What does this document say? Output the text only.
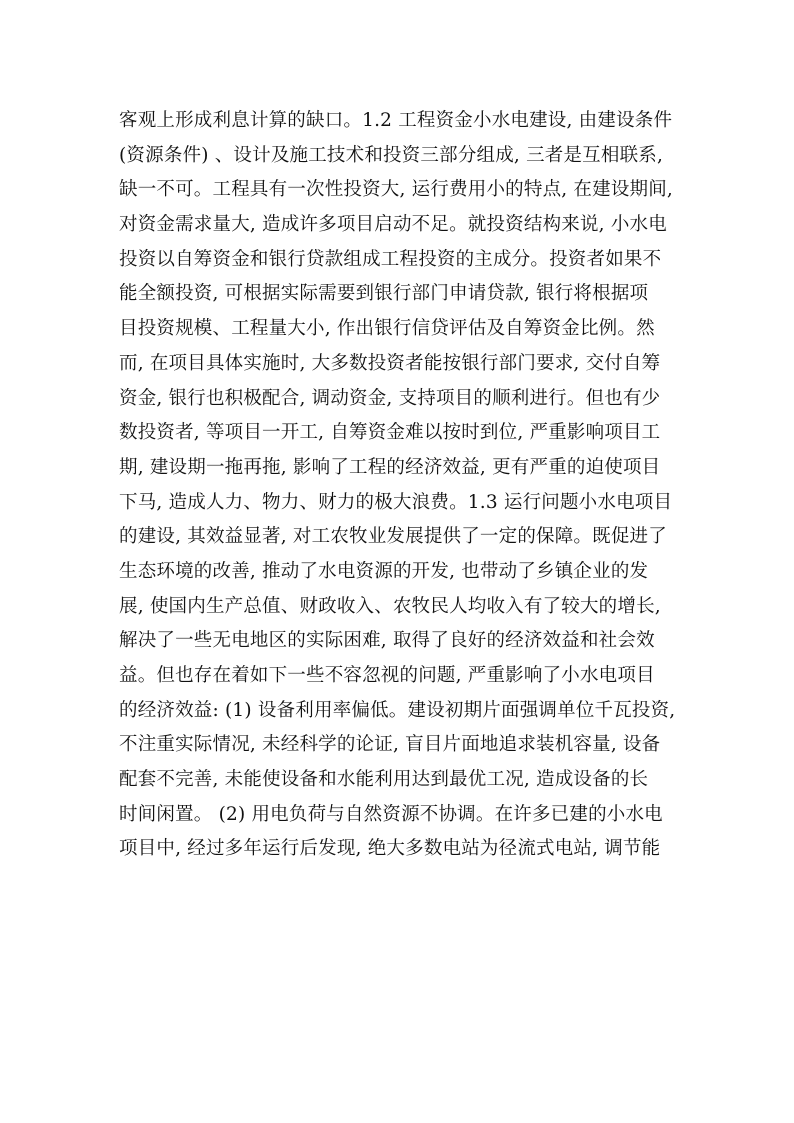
客观上形成利息计算的缺口。1.2 工程资金小水电建设, 由建设条件
(资源条件) 、设计及施工技术和投资三部分组成, 三者是互相联系,
缺一不可。工程具有一次性投资大, 运行费用小的特点, 在建设期间,
对资金需求量大, 造成许多项目启动不足。就投资结构来说, 小水电
投资以自筹资金和银行贷款组成工程投资的主成分。投资者如果不
能全额投资, 可根据实际需要到银行部门申请贷款, 银行将根据项
目投资规模、工程量大小, 作出银行信贷评估及自筹资金比例。然
而, 在项目具体实施时, 大多数投资者能按银行部门要求, 交付自筹
资金, 银行也积极配合, 调动资金, 支持项目的顺利进行。但也有少
数投资者, 等项目一开工, 自筹资金难以按时到位, 严重影响项目工
期, 建设期一拖再拖, 影响了工程的经济效益, 更有严重的迫使项目
下马, 造成人力、物力、财力的极大浪费。1.3 运行问题小水电项目
的建设, 其效益显著, 对工农牧业发展提供了一定的保障。既促进了
生态环境的改善, 推动了水电资源的开发, 也带动了乡镇企业的发
展, 使国内生产总值、财政收入、农牧民人均收入有了较大的增长,
解决了一些无电地区的实际困难, 取得了良好的经济效益和社会效
益。但也存在着如下一些不容忽视的问题, 严重影响了小水电项目
的经济效益: (1) 设备利用率偏低。建设初期片面强调单位千瓦投资,
不注重实际情况, 未经科学的论证, 盲目片面地追求装机容量, 设备
配套不完善, 未能使设备和水能利用达到最优工况, 造成设备的长
时间闲置。 (2) 用电负荷与自然资源不协调。在许多已建的小水电
项目中, 经过多年运行后发现, 绝大多数电站为径流式电站, 调节能
